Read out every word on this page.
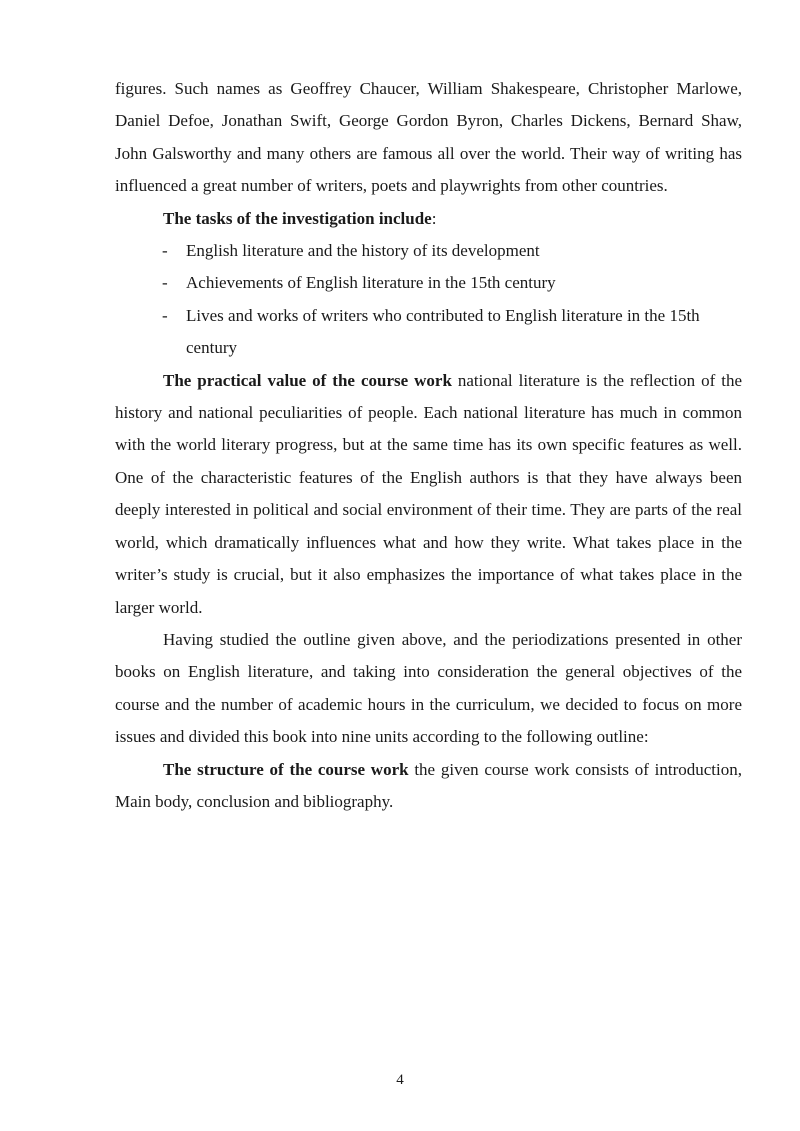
figures. Such names as Geoffrey Chaucer, William Shakespeare, Christopher Marlowe, Daniel Defoe, Jonathan Swift, George Gordon Byron, Charles Dickens, Bernard Shaw, John Galsworthy and many others are famous all over the world. Their way of writing has influenced a great number of writers, poets and playwrights from other countries.

The tasks of the investigation include:

- English literature and the history of its development
- Achievements of English literature in the 15th century
- Lives and works of writers who contributed to English literature in the 15th century

The practical value of the course work national literature is the reflection of the history and national peculiarities of people. Each national literature has much in common with the world literary progress, but at the same time has its own specific features as well. One of the characteristic features of the English authors is that they have always been deeply interested in political and social environment of their time. They are parts of the real world, which dramatically influences what and how they write. What takes place in the writer’s study is crucial, but it also emphasizes the importance of what takes place in the larger world.

Having studied the outline given above, and the periodizations presented in other books on English literature, and taking into consideration the general objectives of the course and the number of academic hours in the curriculum, we decided to focus on more issues and divided this book into nine units according to the following outline:

The structure of the course work the given course work consists of introduction, Main body, conclusion and bibliography.

4
